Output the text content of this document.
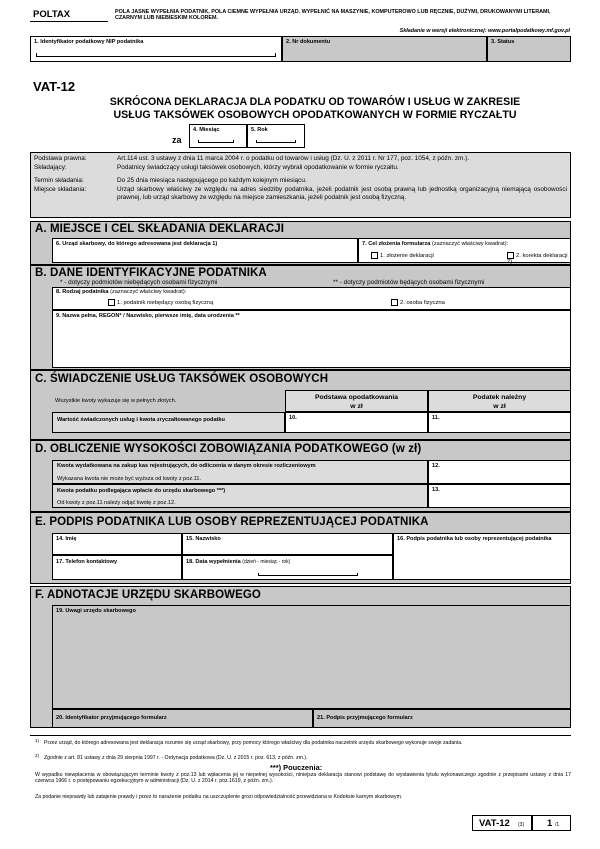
POLTAX	POLA JASNE WYPEŁNIA PODATNIK, POLA CIEMNE WYPEŁNIA URZĄD. WYPEŁNIĆ NA MASZYNIE, KOMPUTEROWO LUB RĘCZNIE, DUŻYMI, DRUKOWANYMI LITERAMI, CZARNYM LUB NIEBIESKIM KOLOREM.
Składanie w wersji elektronicznej: www.portalpodatkowy.mf.gov.pl
1. Identyfikator podatkowy NIP podatnika	2. Nr dokumentu	3. Status
VAT-12
SKRÓCONA DEKLARACJA DLA PODATKU OD TOWARÓW I USŁUG W ZAKRESIE
USŁUG TAKSÓWEK OSOBOWYCH OPODATKOWANYCH W FORMIE RYCZAŁTU
za
4. Miesiąc	5. Rok
Podstawa prawna:	Art.114 ust. 3 ustawy z dnia 11 marca 2004 r. o podatku od towarów i usług (Dz. U. z 2011 r. Nr 177, poz. 1054, z późn. zm.).
Składający:	Podatnicy świadczący usługi taksówek osobowych, którzy wybrali opodatkowanie w formie ryczałtu.
Termin składania:	Do 25 dnia miesiąca następującego po każdym kolejnym miesiącu.
Miejsce składania:	Urząd skarbowy właściwy ze względu na adres siedziby podatnika, jeżeli podatnik jest osobą prawną lub jednostką organizacyjną niemającą osobowości prawnej, lub urząd skarbowy ze względu na miejsce zamieszkania, jeżeli podatnik jest osobą fizyczną.
A. MIEJSCE I CEL SKŁADANIA DEKLARACJI
6. Urząd skarbowy, do którego adresowana jest deklaracja 1)	7. Cel złożenia formularza (zaznaczyć właściwy kwadrat):
1. złożenie deklaracji	2. korekta deklaracji 2)
B. DANE IDENTYFIKACYJNE PODATNIKA
* - dotyczy podmiotów niebędących osobami fizycznymi	** - dotyczy podmiotów będących osobami fizycznymi
8. Rodzaj podatnika (zaznaczyć właściwy kwadrat):
1. podatnik niebędący osobą fizyczną	2. osoba fizyczna
9. Nazwa pełna, REGON* / Nazwisko, pierwsze imię, data urodzenia **
C. ŚWIADCZENIE USŁUG TAKSÓWEK OSOBOWYCH
Wszystkie kwoty wykazuje się w pełnych złotych.	Podstawa opodatkowania
w zł
Podatek należny
w zł
Wartość świadczonych usług i kwota zryczałtowanego podatku	10.	11.
D. OBLICZENIE WYSOKOŚCI ZOBOWIĄZANIA PODATKOWEGO (w zł)
Kwota wydatkowana na zakup kas rejestrujących, do odliczenia w danym okresie rozliczeniowym
Wykazana kwota nie może być wyższa od kwoty z poz.11.
12.
Kwota podatku podlegająca wpłacie do urzędu skarbowego ***)
Od kwoty z poz.11 należy odjąć kwotę z poz.12.
13.
E. PODPIS PODATNIKA LUB OSOBY REPREZENTUJĄCEJ PODATNIKA
14. Imię	15. Nazwisko	16. Podpis podatnika lub osoby reprezentującej podatnika
17. Telefon kontaktowy	18. Data wypełnienia (dzień - miesiąc - rok)
F. ADNOTACJE URZĘDU SKARBOWEGO
19. Uwagi urzędu skarbowego
20. Identyfikator przyjmującego formularz	21. Podpis przyjmującego formularz
1) Przez urząd, do którego adresowana jest deklaracja rozumie się urząd skarbowy, przy pomocy którego właściwy dla podatnika naczelnik urzędu skarbowego wykonuje swoje zadania.
2) Zgodnie z art. 81 ustawy z dnia 29 sierpnia 1997 r. - Ordynacja podatkowa (Dz. U. z 2015 r. poz. 613, z późn. zm.).
***) Pouczenia:
W wypadku niewpłacenia w obowiązującym terminie kwoty z poz.13 lub wpłacenia jej w niepełnej wysokości, niniejsza deklaracja stanowi podstawę do wystawienia tytułu wykonawczego zgodnie z przepisami ustawy z dnia 17 czerwca 1966 r. o postępowaniu egzekucyjnym w administracji (Dz. U. z 2014 r. poz.1619, z późn. zm.).
Za podanie nieprawdy lub zatajenie prawdy i przez to narażenie podatku na uszczuplenie grozi odpowiedzialność przewidziana w Kodeksie karnym skarbowym.
VAT-12 (3) 1 /1
